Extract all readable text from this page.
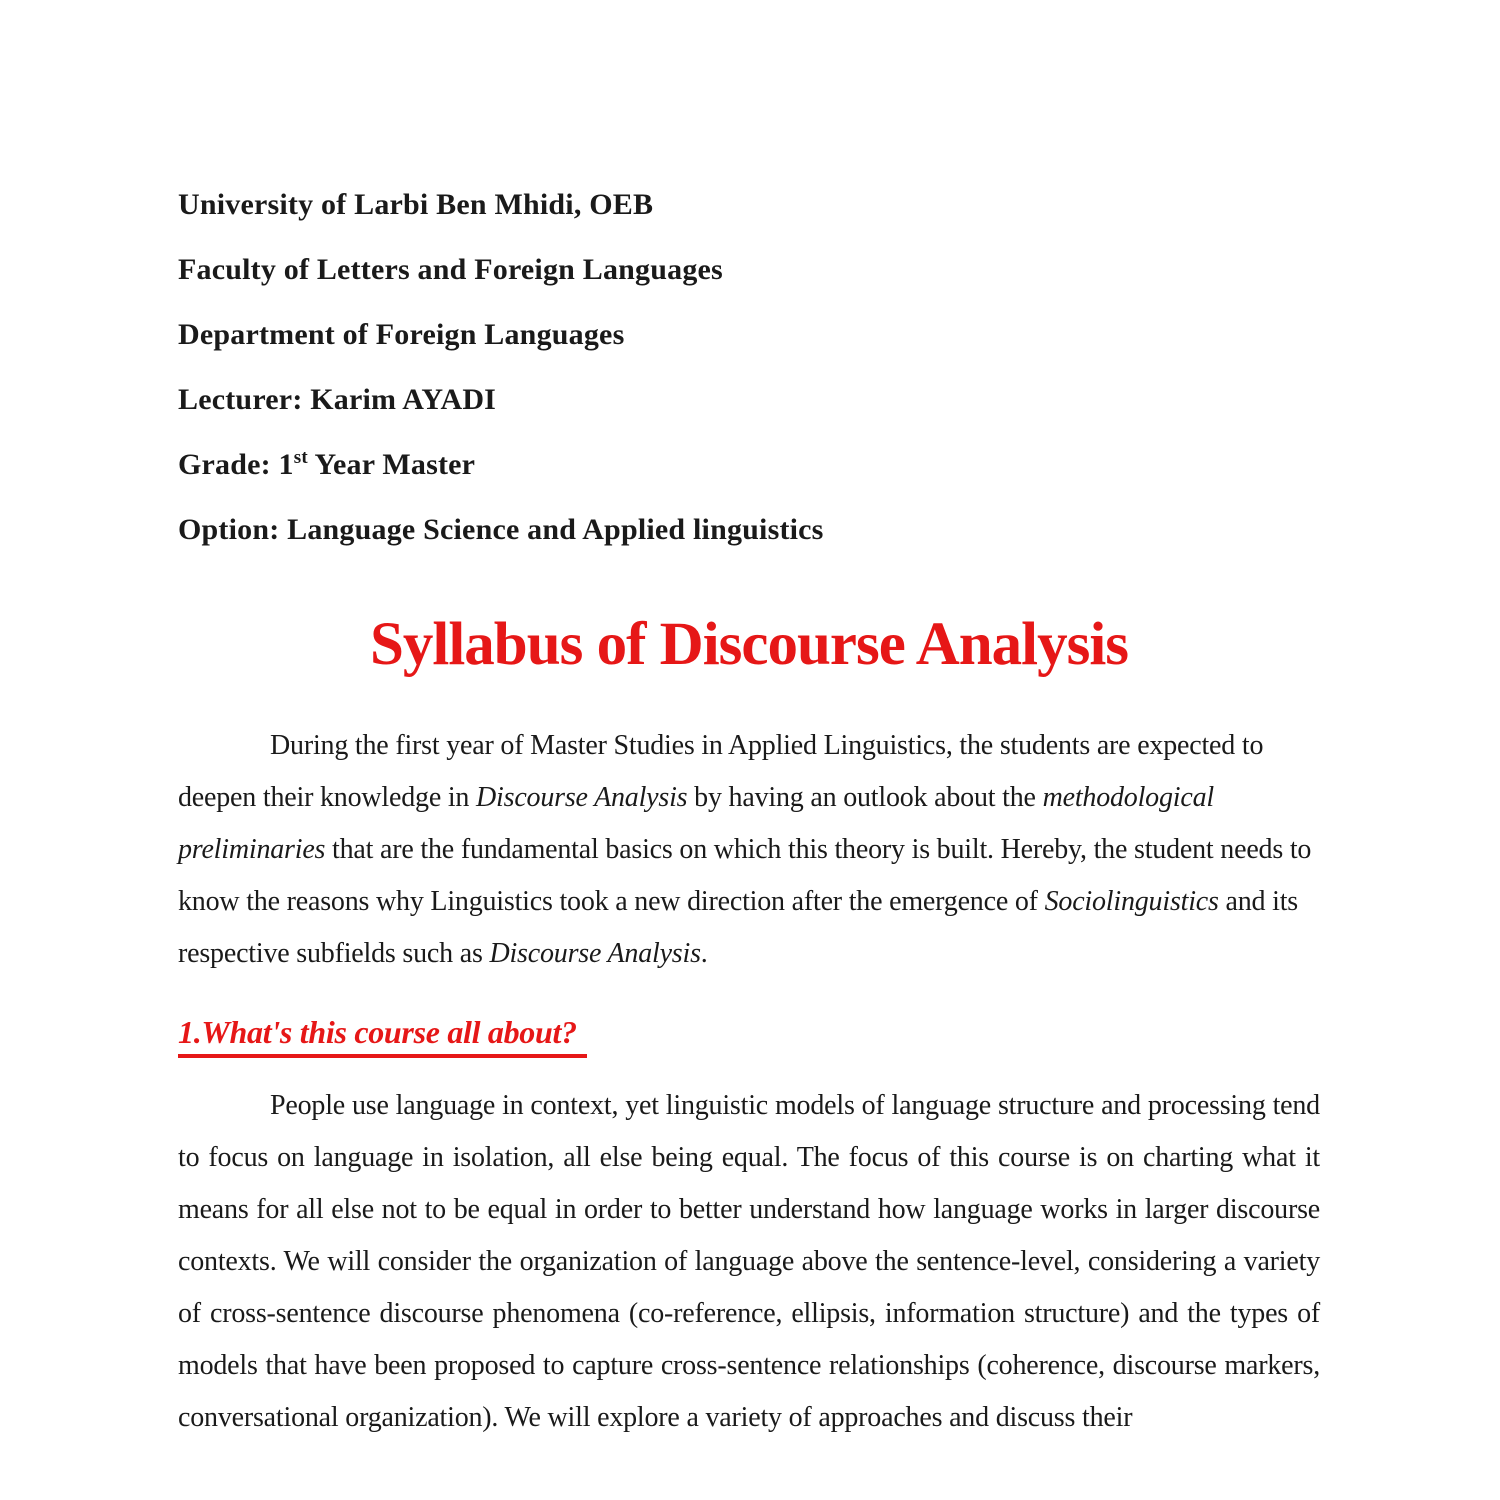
University of Larbi Ben Mhidi, OEB

Faculty of Letters and Foreign Languages

Department of Foreign Languages

Lecturer: Karim AYADI

Grade: 1st Year Master

Option: Language Science and Applied linguistics

Syllabus of Discourse Analysis

During the first year of Master Studies in Applied Linguistics, the students are expected to deepen their knowledge in Discourse Analysis by having an outlook about the methodological preliminaries that are the fundamental basics on which this theory is built. Hereby, the student needs to know the reasons why Linguistics took a new direction after the emergence of Sociolinguistics and its respective subfields such as Discourse Analysis.

1.What's this course all about?

People use language in context, yet linguistic models of language structure and processing tend to focus on language in isolation, all else being equal. The focus of this course is on charting what it means for all else not to be equal in order to better understand how language works in larger discourse contexts. We will consider the organization of language above the sentence-level, considering a variety of cross-sentence discourse phenomena (co-reference, ellipsis, information structure) and the types of models that have been proposed to capture cross-sentence relationships (coherence, discourse markers, conversational organization). We will explore a variety of approaches and discuss their
